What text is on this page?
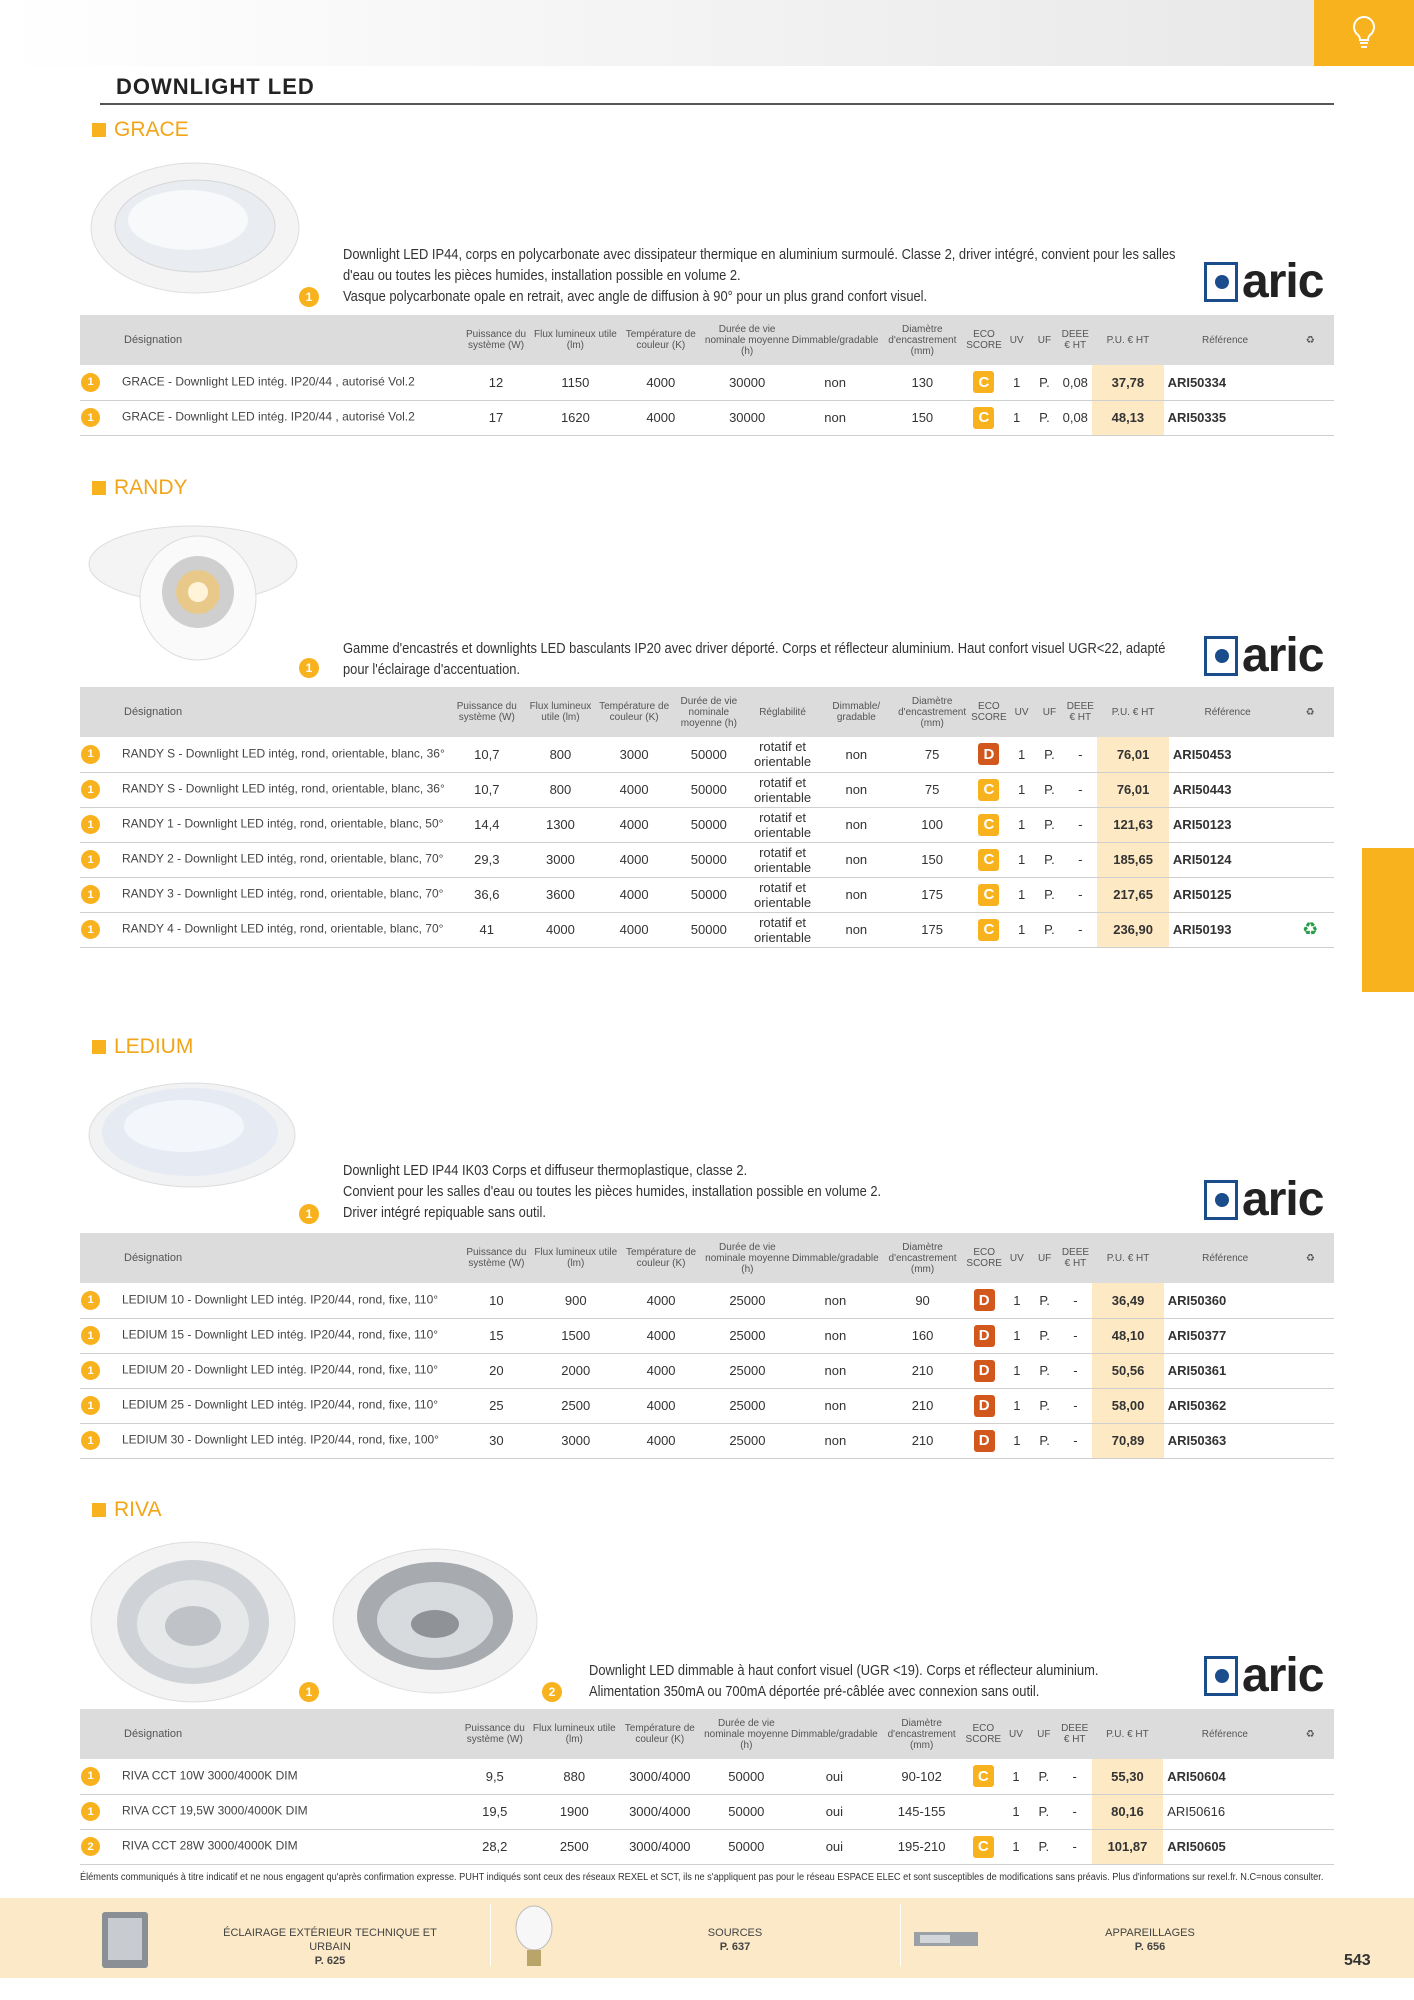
DOWNLIGHT LED
GRACE
1
Downlight LED IP44, corps en polycarbonate avec dissipateur thermique en aluminium surmoulé. Classe 2, driver intégré, convient pour les salles
d'eau ou toutes les pièces humides, installation possible en volume 2.
Vasque polycarbonate opale en retrait, avec angle de diffusion à 90° pour un plus grand confort visuel.	aric
Désignation	Puissance du système (W)	Flux lumineux utile (lm)	Température de couleur (K)	Durée de vie nominale moyenne (h)	Dimmable/gradable	Diamètre d'encastrement (mm)	ECO SCORE	UV	UF	DEEE € HT	P.U. € HT	Référence	♻
1 GRACE - Downlight LED intég. IP20/44 , autorisé Vol.2	12	1150	4000	30000	non	130	C	1	P.	0,08	37,78	ARI50334	
1 GRACE - Downlight LED intég. IP20/44 , autorisé Vol.2	17	1620	4000	30000	non	150	C	1	P.	0,08	48,13	ARI50335	
RANDY
1
Gamme d'encastrés et downlights LED basculants IP20 avec driver déporté. Corps et réflecteur aluminium. Haut confort visuel UGR<22, adapté
pour l'éclairage d'accentuation.	aric
Désignation	Puissance du système (W)	Flux lumineux utile (lm)	Température de couleur (K)	Durée de vie nominale moyenne (h)	Réglabilité	Dimmable/ gradable	Diamètre d'encastrement (mm)	ECO SCORE	UV	UF	DEEE € HT	P.U. € HT	Référence	♻
1 RANDY S - Downlight LED intég, rond, orientable, blanc, 36°	10,7	800	3000	50000	rotatif et orientable	non	75	D	1	P.	-	76,01	ARI50453	
1 RANDY S - Downlight LED intég, rond, orientable, blanc, 36°	10,7	800	4000	50000	rotatif et orientable	non	75	C	1	P.	-	76,01	ARI50443	
1 RANDY 1 - Downlight LED intég, rond, orientable, blanc, 50°	14,4	1300	4000	50000	rotatif et orientable	non	100	C	1	P.	-	121,63	ARI50123	
1 RANDY 2 - Downlight LED intég, rond, orientable, blanc, 70°	29,3	3000	4000	50000	rotatif et orientable	non	150	C	1	P.	-	185,65	ARI50124	
1 RANDY 3 - Downlight LED intég, rond, orientable, blanc, 70°	36,6	3600	4000	50000	rotatif et orientable	non	175	C	1	P.	-	217,65	ARI50125	
1 RANDY 4 - Downlight LED intég, rond, orientable, blanc, 70°	41	4000	4000	50000	rotatif et orientable	non	175	C	1	P.	-	236,90	ARI50193	♻
LEDIUM
1
Downlight LED IP44 IK03 Corps et diffuseur thermoplastique, classe 2.
Convient pour les salles d'eau ou toutes les pièces humides, installation possible en volume 2.
Driver intégré repiquable sans outil.	aric
Désignation	Puissance du système (W)	Flux lumineux utile (lm)	Température de couleur (K)	Durée de vie nominale moyenne (h)	Dimmable/gradable	Diamètre d'encastrement (mm)	ECO SCORE	UV	UF	DEEE € HT	P.U. € HT	Référence	♻
1 LEDIUM 10 - Downlight LED intég. IP20/44, rond, fixe, 110°	10	900	4000	25000	non	90	D	1	P.	-	36,49	ARI50360	
1 LEDIUM 15 - Downlight LED intég. IP20/44, rond, fixe, 110°	15	1500	4000	25000	non	160	D	1	P.	-	48,10	ARI50377	
1 LEDIUM 20 - Downlight LED intég. IP20/44, rond, fixe, 110°	20	2000	4000	25000	non	210	D	1	P.	-	50,56	ARI50361	
1 LEDIUM 25 - Downlight LED intég. IP20/44, rond, fixe, 110°	25	2500	4000	25000	non	210	D	1	P.	-	58,00	ARI50362	
1 LEDIUM 30 - Downlight LED intég. IP20/44, rond, fixe, 100°	30	3000	4000	25000	non	210	D	1	P.	-	70,89	ARI50363	
RIVA
1	2
Downlight LED dimmable à haut confort visuel (UGR <19). Corps et réflecteur aluminium.
Alimentation 350mA ou 700mA déportée pré-câblée avec connexion sans outil.	aric
Désignation	Puissance du système (W)	Flux lumineux utile (lm)	Température de couleur (K)	Durée de vie nominale moyenne (h)	Dimmable/gradable	Diamètre d'encastrement (mm)	ECO SCORE	UV	UF	DEEE € HT	P.U. € HT	Référence	♻
1 RIVA CCT 10W 3000/4000K DIM	9,5	880	3000/4000	50000	oui	90-102	C	1	P.	-	55,30	ARI50604	
1 RIVA CCT 19,5W 3000/4000K DIM	19,5	1900	3000/4000	50000	oui	145-155		1	P.	-	80,16	ARI50616	
2 RIVA CCT 28W 3000/4000K DIM	28,2	2500	3000/4000	50000	oui	195-210	C	1	P.	-	101,87	ARI50605	
Éléments communiqués à titre indicatif et ne nous engagent qu'après confirmation expresse. PUHT indiqués sont ceux des réseaux REXEL et SCT, ils ne s'appliquent pas pour le réseau ESPACE ELEC et sont susceptibles de modifications sans préavis. Plus d'informations sur rexel.fr. N.C=nous consulter.
ÉCLAIRAGE EXTÉRIEUR TECHNIQUE ET URBAIN
P. 625
SOURCES
P. 637
APPAREILLAGES
P. 656
543
